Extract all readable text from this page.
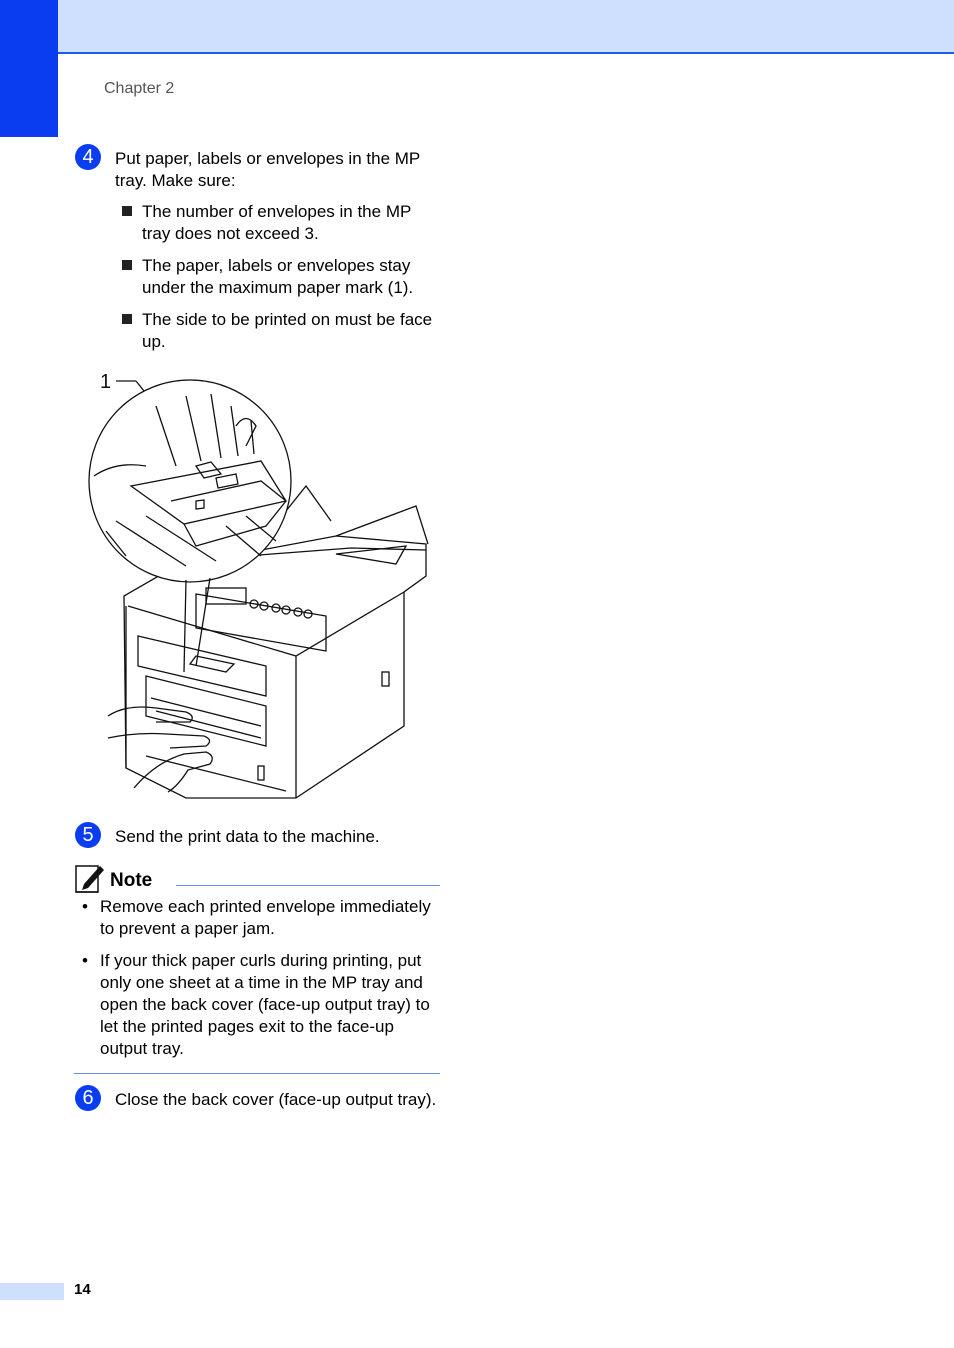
Chapter 2
4	Put paper, labels or envelopes in the MP tray. Make sure:
The number of envelopes in the MP tray does not exceed 3.
The paper, labels or envelopes stay under the maximum paper mark (1).
The side to be printed on must be face up.
1
5	Send the print data to the machine.
Note
• Remove each printed envelope immediately to prevent a paper jam.
• If your thick paper curls during printing, put only one sheet at a time in the MP tray and open the back cover (face-up output tray) to let the printed pages exit to the face-up output tray.
6	Close the back cover (face-up output tray).
14
